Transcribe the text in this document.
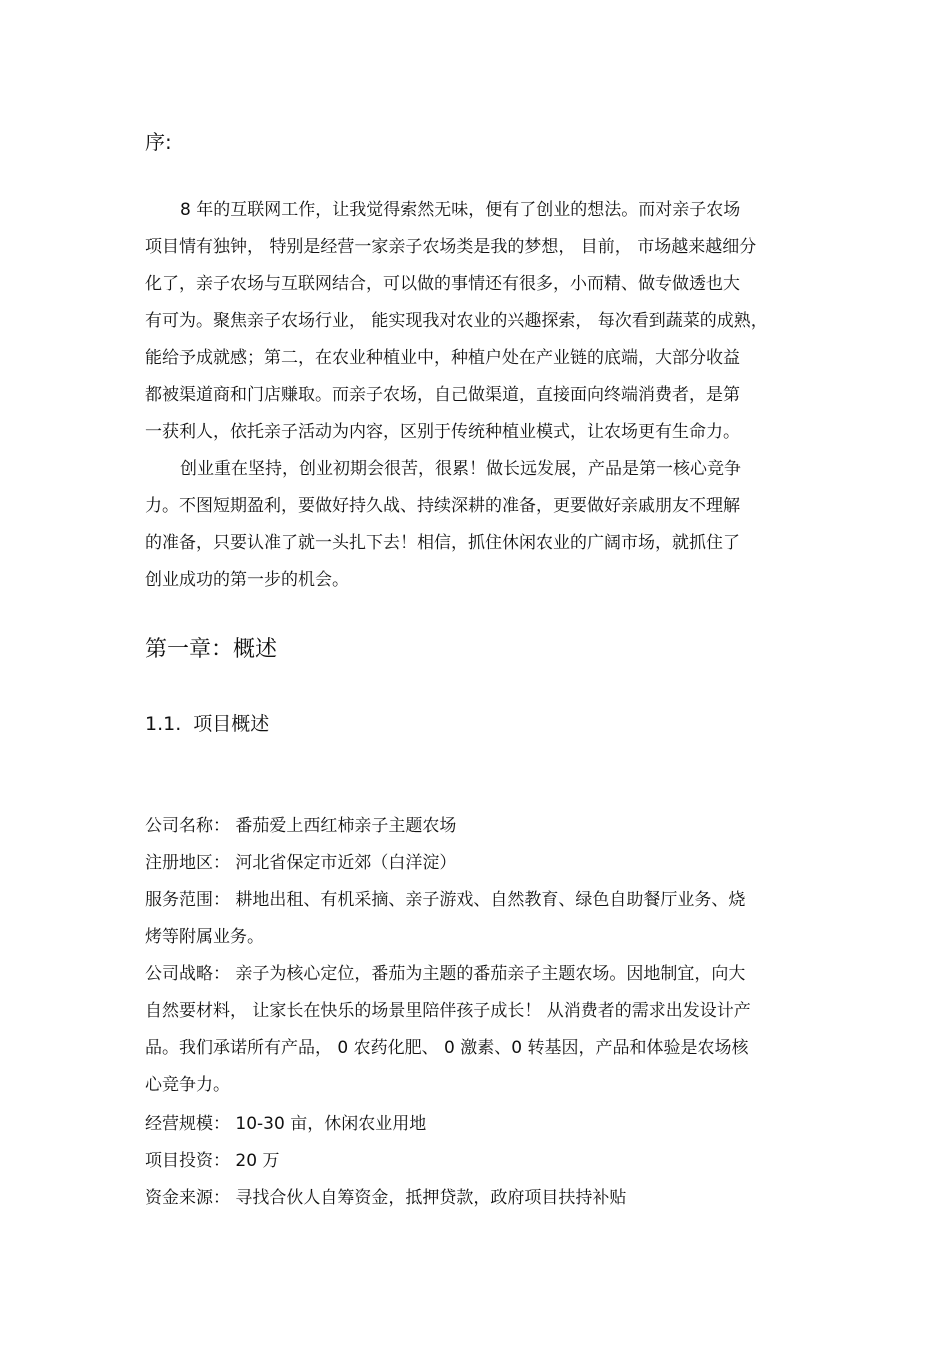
序:
8 年的互联网工作，让我觉得索然无味，便有了创业的想法。而对亲子农场
项目情有独钟， 特别是经营一家亲子农场类是我的梦想， 目前， 市场越来越细分
化了，亲子农场与互联网结合，可以做的事情还有很多，小而精、做专做透也大
有可为。聚焦亲子农场行业， 能实现我对农业的兴趣探索， 每次看到蔬菜的成熟，
能给予成就感；第二，在农业种植业中，种植户处在产业链的底端，大部分收益
都被渠道商和门店赚取。而亲子农场，自己做渠道，直接面向终端消费者，是第
一获利人，依托亲子活动为内容，区别于传统种植业模式，让农场更有生命力。
创业重在坚持，创业初期会很苦，很累！做长远发展，产品是第一核心竞争
力。不图短期盈利，要做好持久战、持续深耕的准备，更要做好亲戚朋友不理解
的准备，只要认准了就一头扎下去！相信，抓住休闲农业的广阔市场，就抓住了
创业成功的第一步的机会。
第一章：概述
1.1. 项目概述
公司名称： 番茄爱上西红柿亲子主题农场
注册地区： 河北省保定市近郊（白洋淀）
服务范围： 耕地出租、有机采摘、亲子游戏、自然教育、绿色自助餐厅业务、烧
烤等附属业务。
公司战略： 亲子为核心定位，番茄为主题的番茄亲子主题农场。因地制宜，向大
自然要材料， 让家长在快乐的场景里陪伴孩子成长！ 从消费者的需求出发设计产
品。我们承诺所有产品， 0 农药化肥、 0 激素、0 转基因，产品和体验是农场核
心竞争力。
经营规模： 10-30 亩，休闲农业用地
项目投资： 20 万
资金来源： 寻找合伙人自筹资金，抵押贷款，政府项目扶持补贴
